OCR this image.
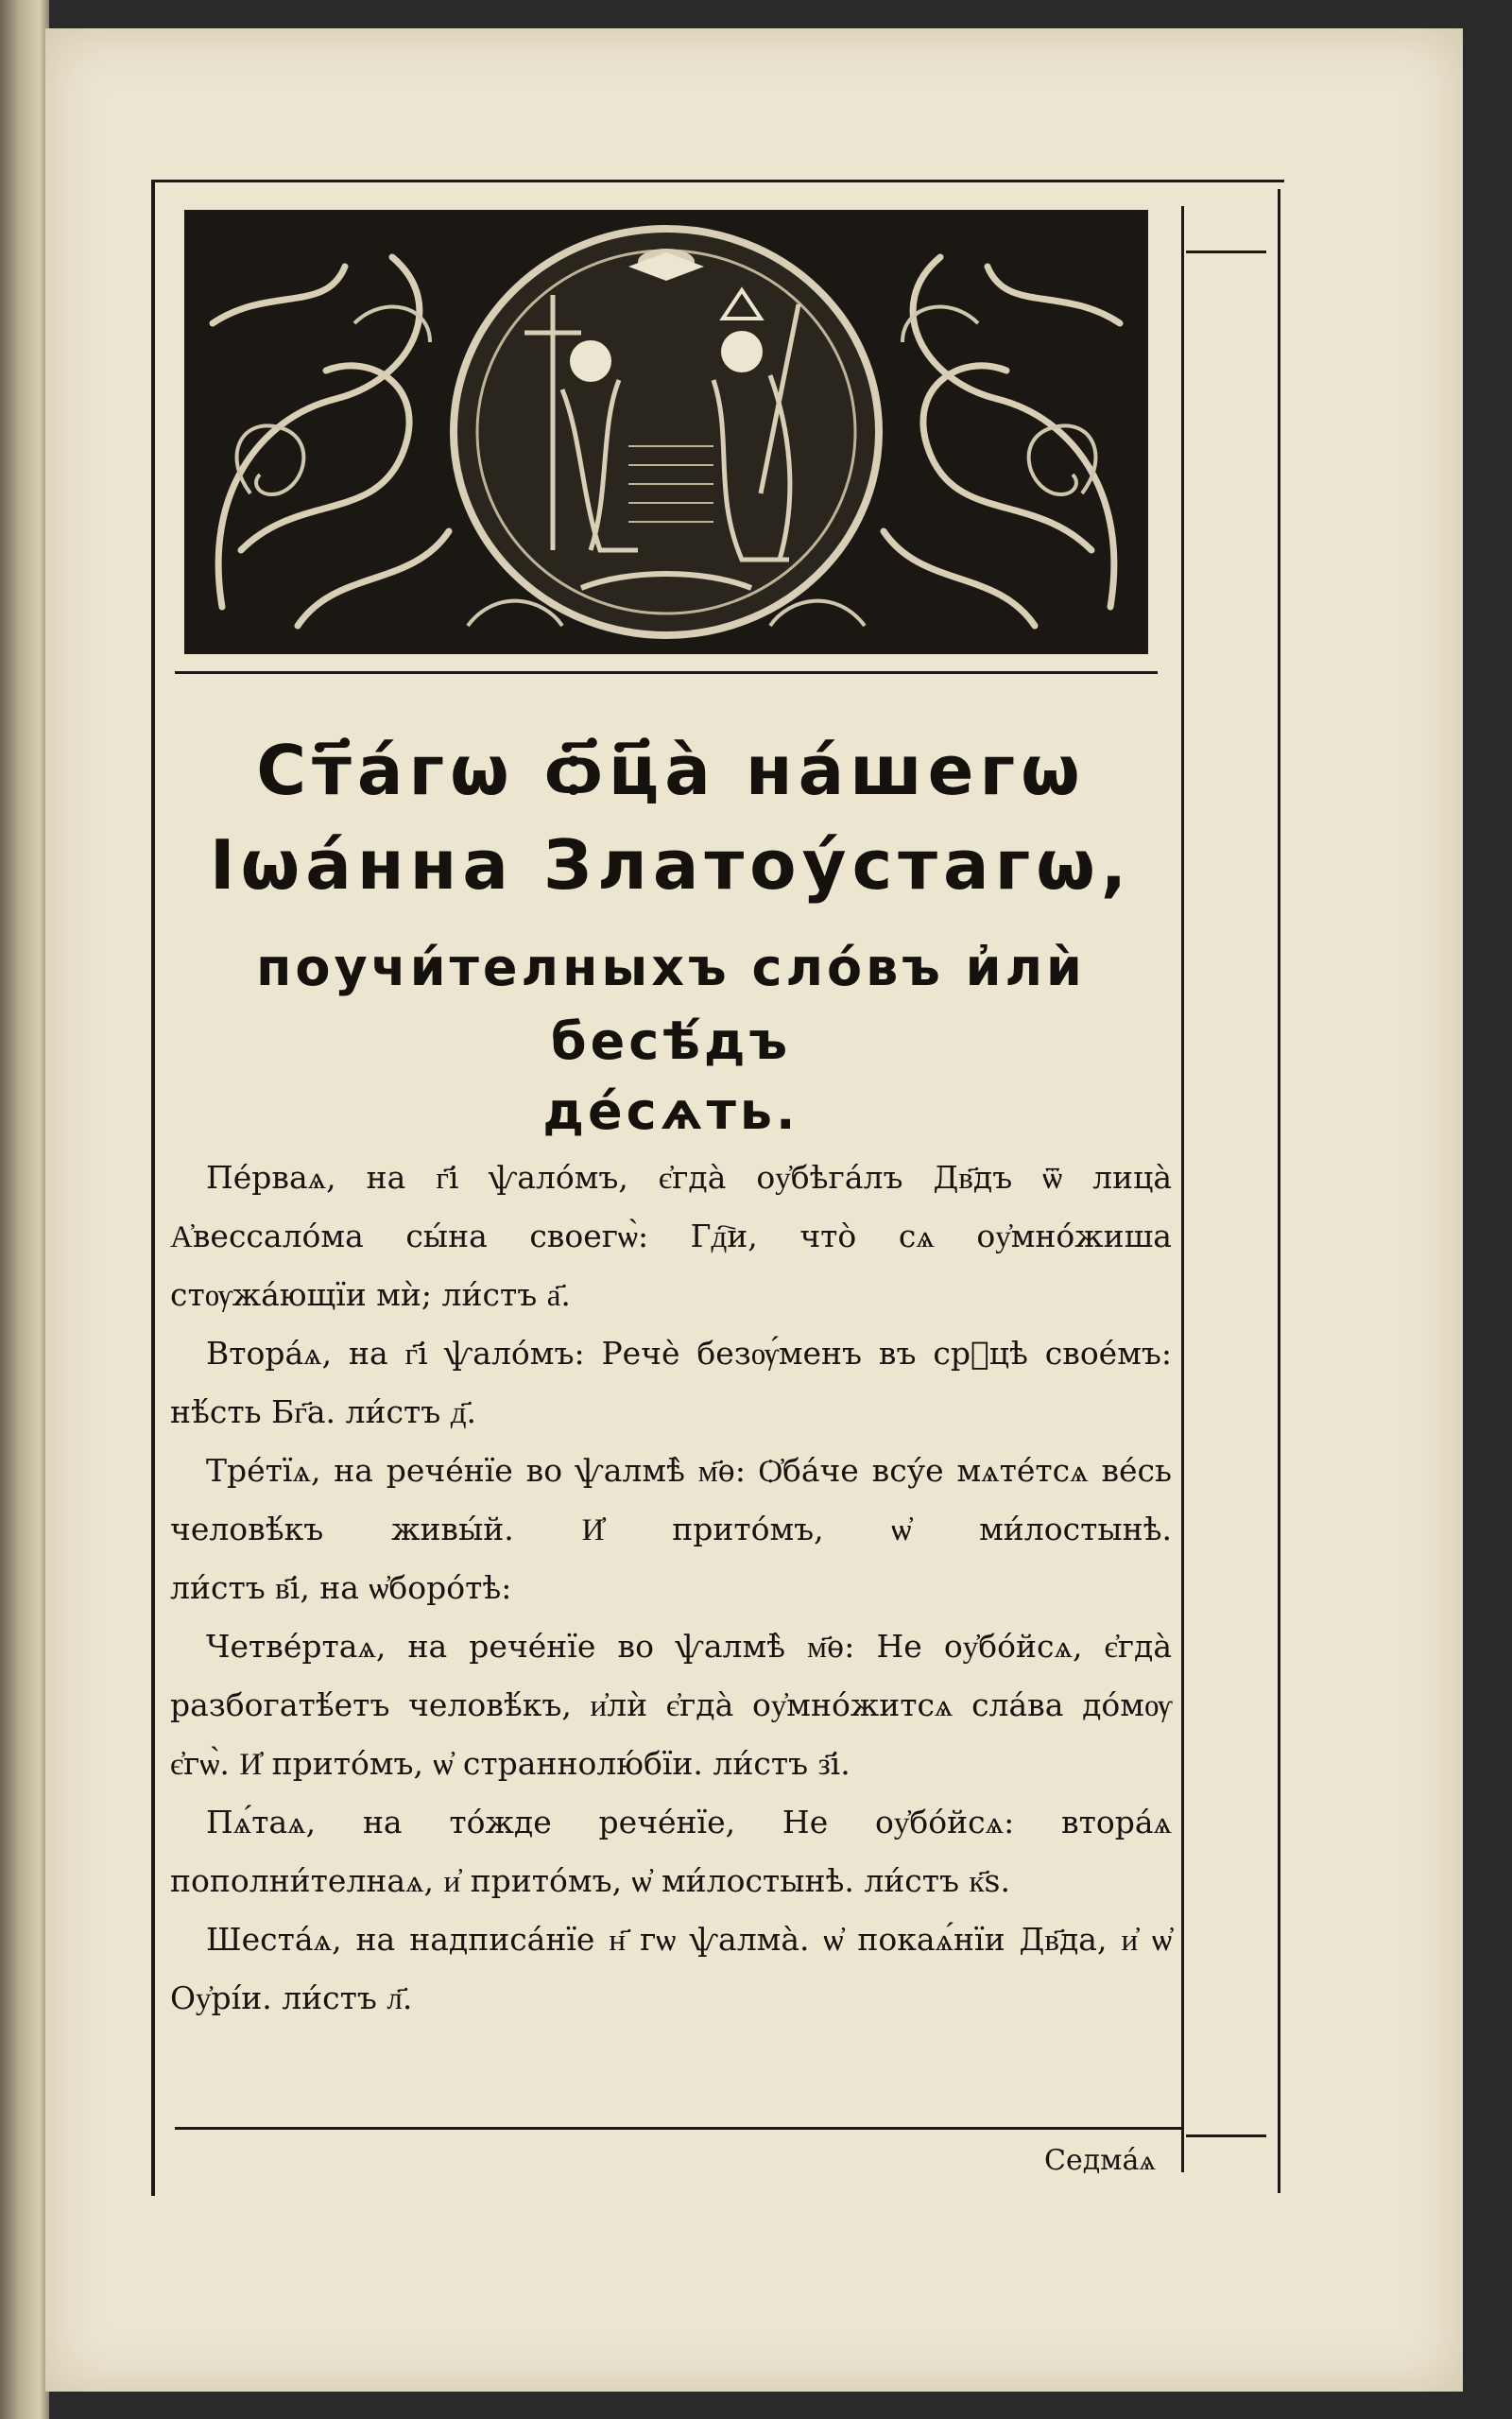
Ст҃а́гѡ ѻ҃ц҃а̀ на́шегѡ
Іѡа́нна Златоу́стагѡ,
поучи́телныхъ сло́въ и҆лѝ бесѣ́дъ
де́сѧть.

Пе́рваѧ, на г҃і ѱало́мъ, є҆гда̀ оу҆бѣга́лъ Дв҃дъ ѿ лица̀ А҆вессало́ма сы́на своегѡ̀: Гд҇и, что̀ сѧ оу҆мно́жиша стѹжа́ющїи мѝ; ли́стъ а҃.

Втора́ѧ, на г҃і ѱало́мъ: Речѐ безѹ́менъ въ срⷣцѣ свое́мъ: нѣ́сть Бг҃а. ли́стъ д҃.

Тре́тїѧ, на рече́нїе во ѱалмѣ̀ м҃ѳ: Ѻ҆ба́че всу́е мѧте́тсѧ ве́сь человѣ́къ живы́й. И҆ прито́мъ, ѡ҆ ми́лостынѣ. ли́стъ в҃і, на ѡ҆боро́тѣ:

Четве́ртаѧ, на рече́нїе во ѱалмѣ̀ м҃ѳ: Не оу҆бо́йсѧ, є҆гда̀ разбогатѣ́етъ человѣ́къ, и҆лѝ є҆гда̀ оу҆мно́житсѧ сла́ва до́мѹ є҆гѡ̀. И҆ прито́мъ, ѡ҆ страннолю́бїи. ли́стъ з҃і.

Пѧ́таѧ, на то́жде рече́нїе, Не оу҆бо́йсѧ: втора́ѧ пополни́телнаѧ, и҆ прито́мъ, ѡ҆ ми́лостынѣ. ли́стъ к҃ѕ.

Шеста́ѧ, на надписа́нїе н҃ гѡ ѱалма̀. ѡ҆ покаѧ́нїи Дв҃да, и҆ ѡ҆ Оу҆рі́и. ли́стъ л҃.

Седма́ѧ
